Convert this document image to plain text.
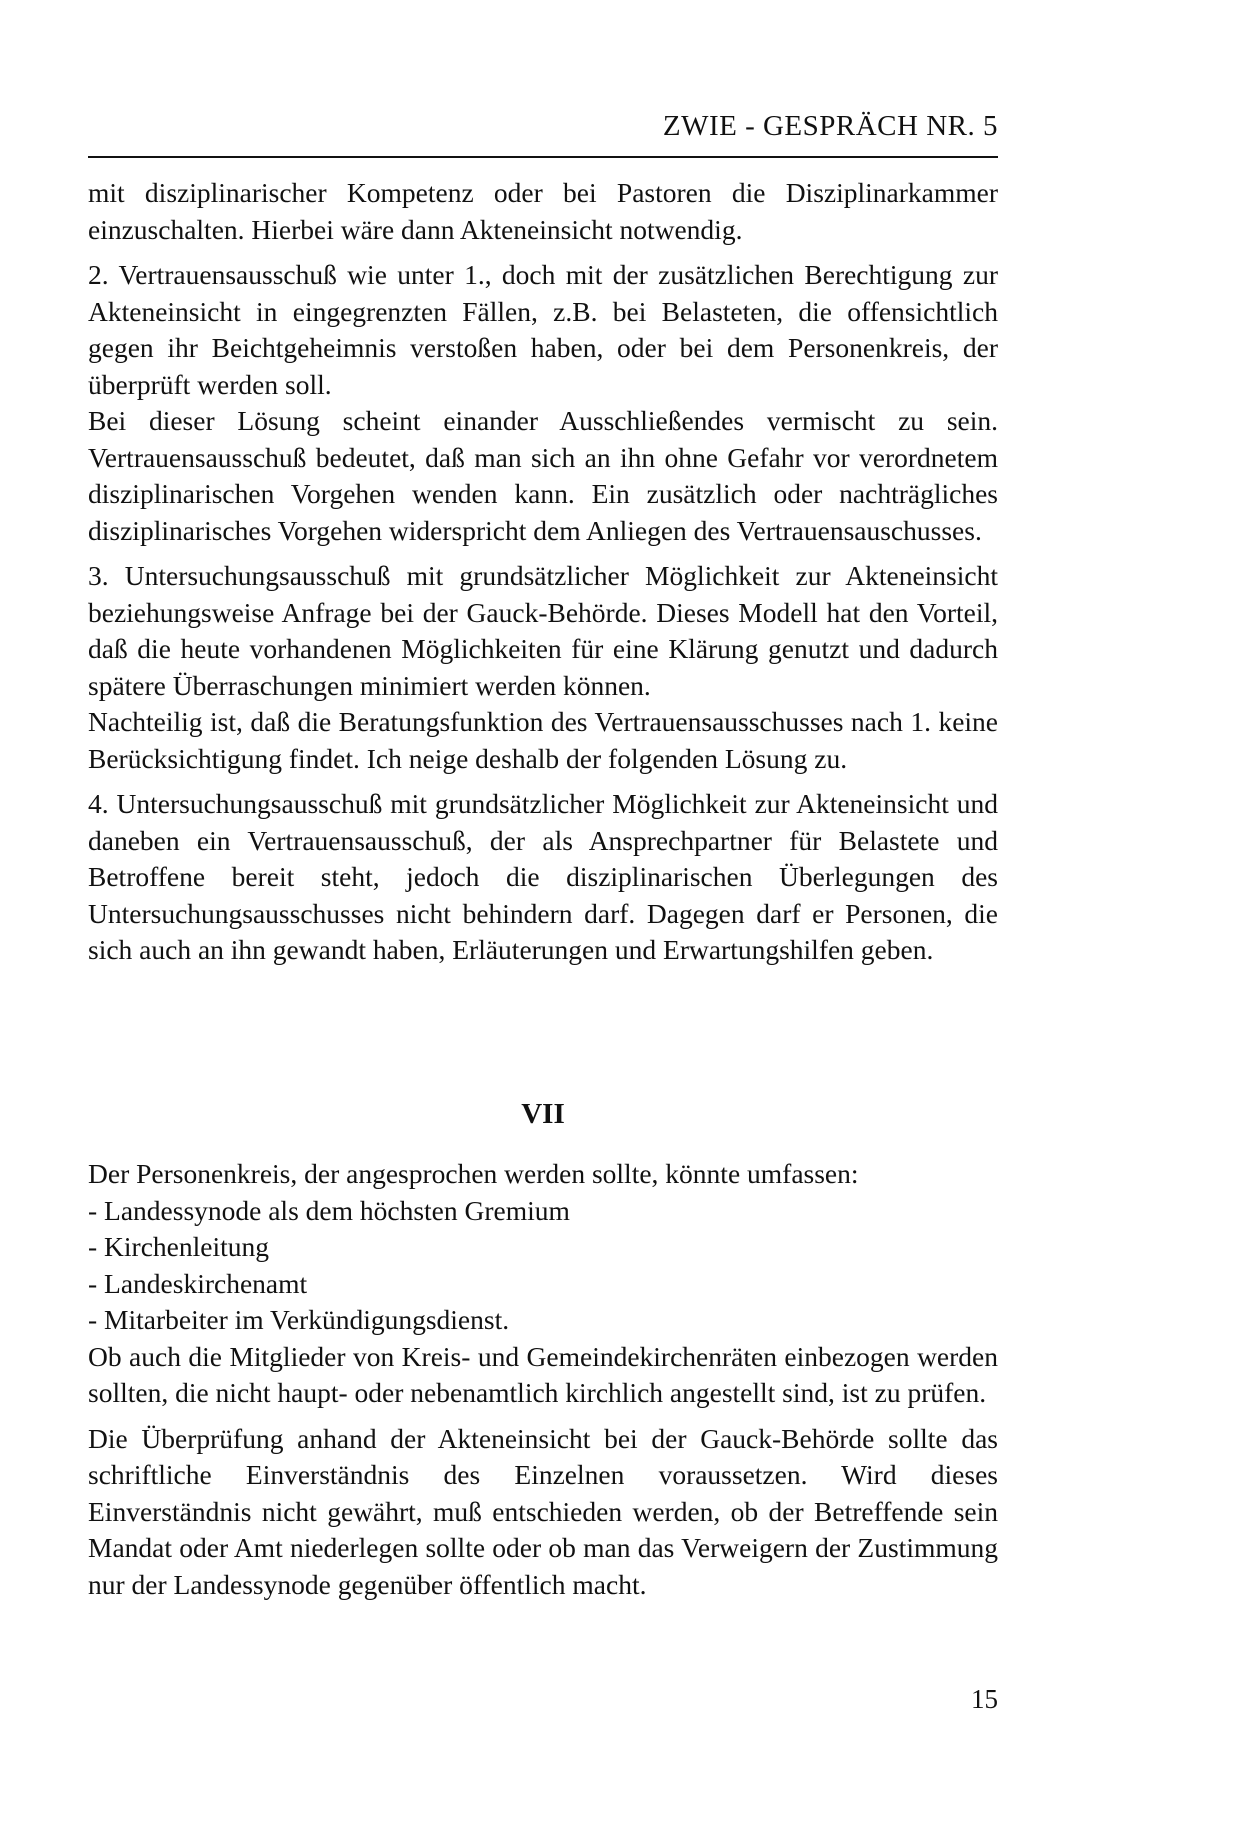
ZWIE - GESPRÄCH NR. 5

mit disziplinarischer Kompetenz oder bei Pastoren die Disziplinarkammer einzuschalten. Hierbei wäre dann Akteneinsicht notwendig.

2. Vertrauensausschuß wie unter 1., doch mit der zusätzlichen Berechtigung zur Akteneinsicht in eingegrenzten Fällen, z.B. bei Belasteten, die offensichtlich gegen ihr Beichtgeheimnis verstoßen haben, oder bei dem Personenkreis, der überprüft werden soll.

Bei dieser Lösung scheint einander Ausschließendes vermischt zu sein. Vertrauensausschuß bedeutet, daß man sich an ihn ohne Gefahr vor verordnetem disziplinarischen Vorgehen wenden kann. Ein zusätzlich oder nachträgliches disziplinarisches Vorgehen widerspricht dem Anliegen des Vertrauensauschusses.

3. Untersuchungsausschuß mit grundsätzlicher Möglichkeit zur Akteneinsicht beziehungsweise Anfrage bei der Gauck-Behörde. Dieses Modell hat den Vorteil, daß die heute vorhandenen Möglichkeiten für eine Klärung genutzt und dadurch spätere Überraschungen minimiert werden können.

Nachteilig ist, daß die Beratungsfunktion des Vertrauensausschusses nach 1. keine Berücksichtigung findet. Ich neige deshalb der folgenden Lösung zu.

4. Untersuchungsausschuß mit grundsätzlicher Möglichkeit zur Akteneinsicht und daneben ein Vertrauensausschuß, der als Ansprechpartner für Belastete und Betroffene bereit steht, jedoch die disziplinarischen Überlegungen des Untersuchungsausschusses nicht behindern darf. Dagegen darf er Personen, die sich auch an ihn gewandt haben, Erläuterungen und Erwartungshilfen geben.

VII

Der Personenkreis, der angesprochen werden sollte, könnte umfassen:

- Landessynode als dem höchsten Gremium

- Kirchenleitung

- Landeskirchenamt

- Mitarbeiter im Verkündigungsdienst.

Ob auch die Mitglieder von Kreis- und Gemeindekirchenräten einbezogen werden sollten, die nicht haupt- oder nebenamtlich kirchlich angestellt sind, ist zu prüfen.

Die Überprüfung anhand der Akteneinsicht bei der Gauck-Behörde sollte das schriftliche Einverständnis des Einzelnen voraussetzen. Wird dieses Einverständnis nicht gewährt, muß entschieden werden, ob der Betreffende sein Mandat oder Amt niederlegen sollte oder ob man das Verweigern der Zustimmung nur der Landessynode gegenüber öffentlich macht.

15
